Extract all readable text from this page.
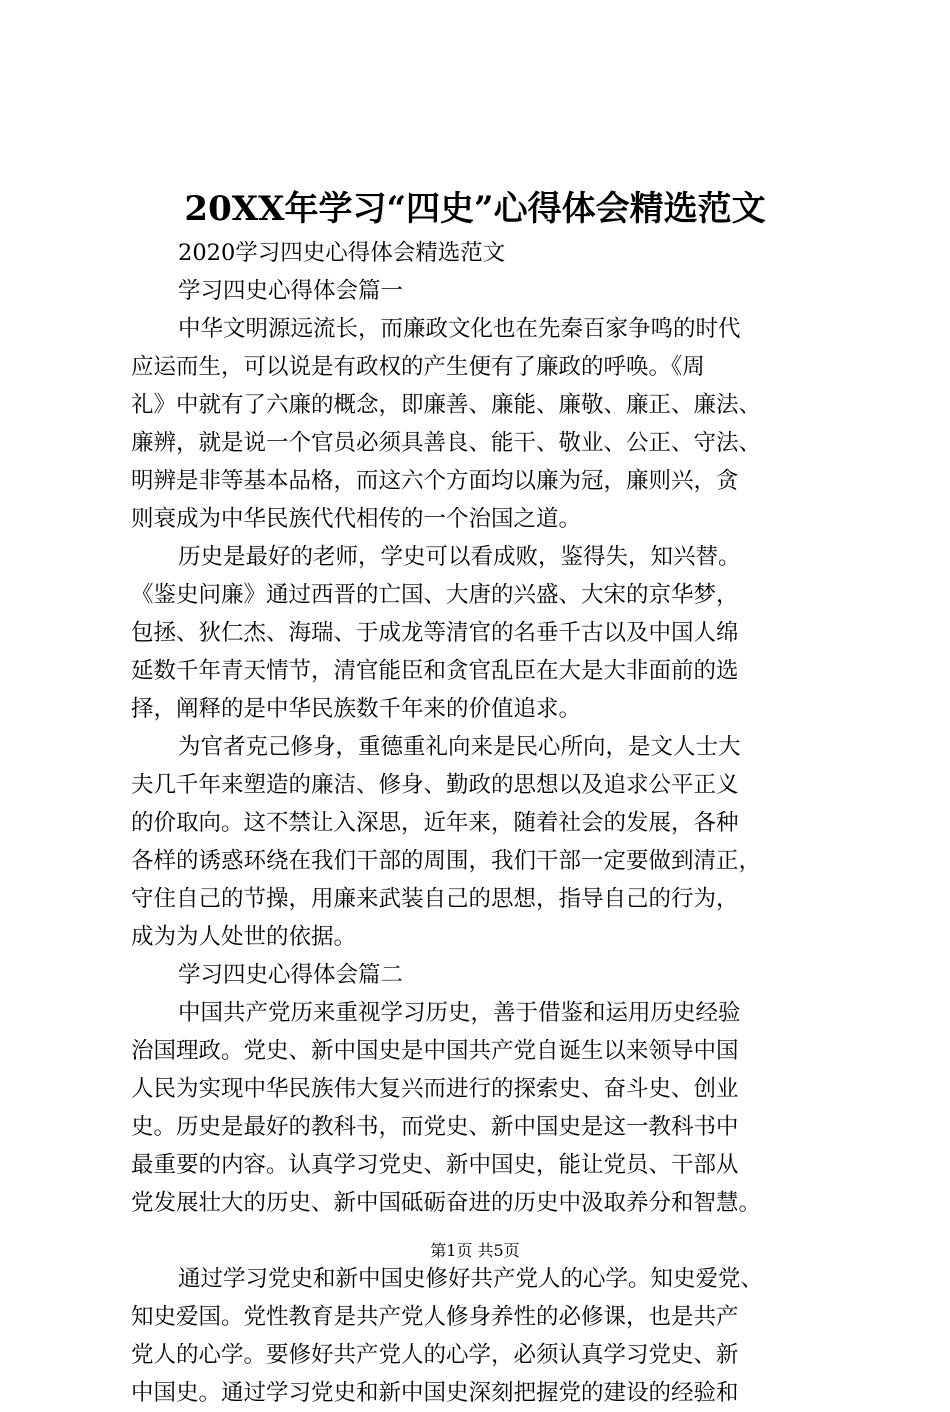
20XX年学习“四史”心得体会精选范文
2020学习四史心得体会精选范文
学习四史心得体会篇一
中华文明源远流长，而廉政文化也在先秦百家争鸣的时代
应运而生，可以说是有政权的产生便有了廉政的呼唤。《周
礼》中就有了六廉的概念，即廉善、廉能、廉敬、廉正、廉法、
廉辨，就是说一个官员必须具善良、能干、敬业、公正、守法、
明辨是非等基本品格，而这六个方面均以廉为冠，廉则兴，贪
则衰成为中华民族代代相传的一个治国之道。
历史是最好的老师，学史可以看成败，鉴得失，知兴替。
《鉴史问廉》通过西晋的亡国、大唐的兴盛、大宋的京华梦，
包拯、狄仁杰、海瑞、于成龙等清官的名垂千古以及中国人绵
延数千年青天情节，清官能臣和贪官乱臣在大是大非面前的选
择，阐释的是中华民族数千年来的价值追求。
为官者克己修身，重德重礼向来是民心所向，是文人士大
夫几千年来塑造的廉洁、修身、勤政的思想以及追求公平正义
的价取向。这不禁让入深思，近年来，随着社会的发展，各种
各样的诱惑环绕在我们干部的周围，我们干部一定要做到清正，
守住自己的节操，用廉来武装自己的思想，指导自己的行为，
成为为人处世的依据。
学习四史心得体会篇二
中国共产党历来重视学习历史，善于借鉴和运用历史经验
治国理政。党史、新中国史是中国共产党自诞生以来领导中国
人民为实现中华民族伟大复兴而进行的探索史、奋斗史、创业
史。历史是最好的教科书，而党史、新中国史是这一教科书中
最重要的内容。认真学习党史、新中国史，能让党员、干部从
党发展壮大的历史、新中国砥砺奋进的历史中汲取养分和智慧。
通过学习党史和新中国史修好共产党人的心学。知史爱党、
知史爱国。党性教育是共产党人修身养性的必修课，也是共产
党人的心学。要修好共产党人的心学，必须认真学习党史、新
中国史。通过学习党史和新中国史深刻把握党的建设的经验和
第1页 共5页
